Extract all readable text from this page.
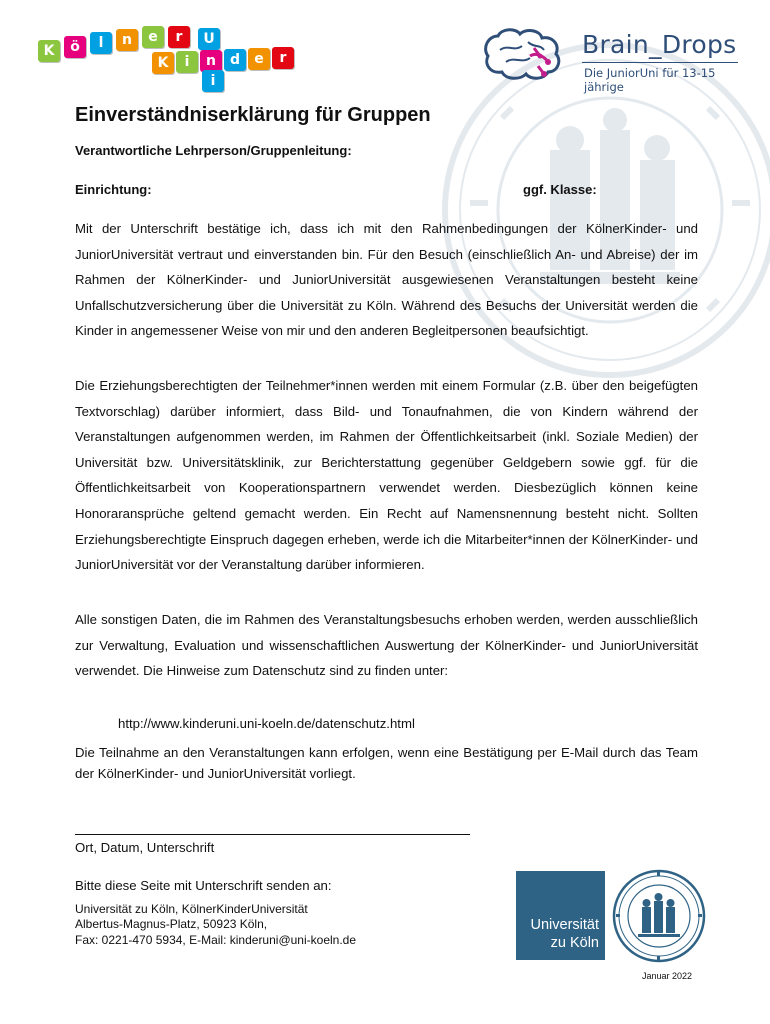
K	ö	l	n	e	r	U
K	i	n	d	e	r
i
Brain_Drops
Die JuniorUni für 13-15 jährige
Einverständniserklärung für Gruppen
Verantwortliche Lehrperson/Gruppenleitung:
Einrichtung:	ggf. Klasse:
Mit der Unterschrift bestätige ich, dass ich mit den Rahmenbedingungen der KölnerKinder- und JuniorUniversität vertraut und einverstanden bin. Für den Besuch (einschließlich An- und Abreise) der im Rahmen der KölnerKinder- und JuniorUniversität ausgewiesenen Veranstaltungen besteht keine Unfallschutzversicherung über die Universität zu Köln. Während des Besuchs der Universität werden die Kinder in angemessener Weise von mir und den anderen Begleitpersonen beaufsichtigt.
Die Erziehungsberechtigten der Teilnehmer*innen werden mit einem Formular (z.B. über den beigefügten Textvorschlag) darüber informiert, dass Bild- und Tonaufnahmen, die von Kindern während der Veranstaltungen aufgenommen werden, im Rahmen der Öffentlichkeitsarbeit (inkl. Soziale Medien) der Universität bzw. Universitätsklinik, zur Berichterstattung gegenüber Geldgebern sowie ggf. für die Öffentlichkeitsarbeit von Kooperationspartnern verwendet werden. Diesbezüglich können keine Honoraransprüche geltend gemacht werden. Ein Recht auf Namensnennung besteht nicht. Sollten Erziehungsberechtigte Einspruch dagegen erheben, werde ich die Mitarbeiter*innen der KölnerKinder- und JuniorUniversität vor der Veranstaltung darüber informieren.
Alle sonstigen Daten, die im Rahmen des Veranstaltungsbesuchs erhoben werden, werden ausschließlich zur Verwaltung, Evaluation und wissenschaftlichen Auswertung der KölnerKinder- und JuniorUniversität verwendet. Die Hinweise zum Datenschutz sind zu finden unter:
http://www.kinderuni.uni-koeln.de/datenschutz.html
Die Teilnahme an den Veranstaltungen kann erfolgen, wenn eine Bestätigung per E-Mail durch das Team der KölnerKinder- und JuniorUniversität vorliegt.
Ort, Datum, Unterschrift
Bitte diese Seite mit Unterschrift senden an:
Universität zu Köln, KölnerKinderUniversität
Albertus-Magnus-Platz, 50923 Köln,
Fax: 0221-470 5934, E-Mail: kinderuni@uni-koeln.de
Universität
zu Köln
Januar 2022
